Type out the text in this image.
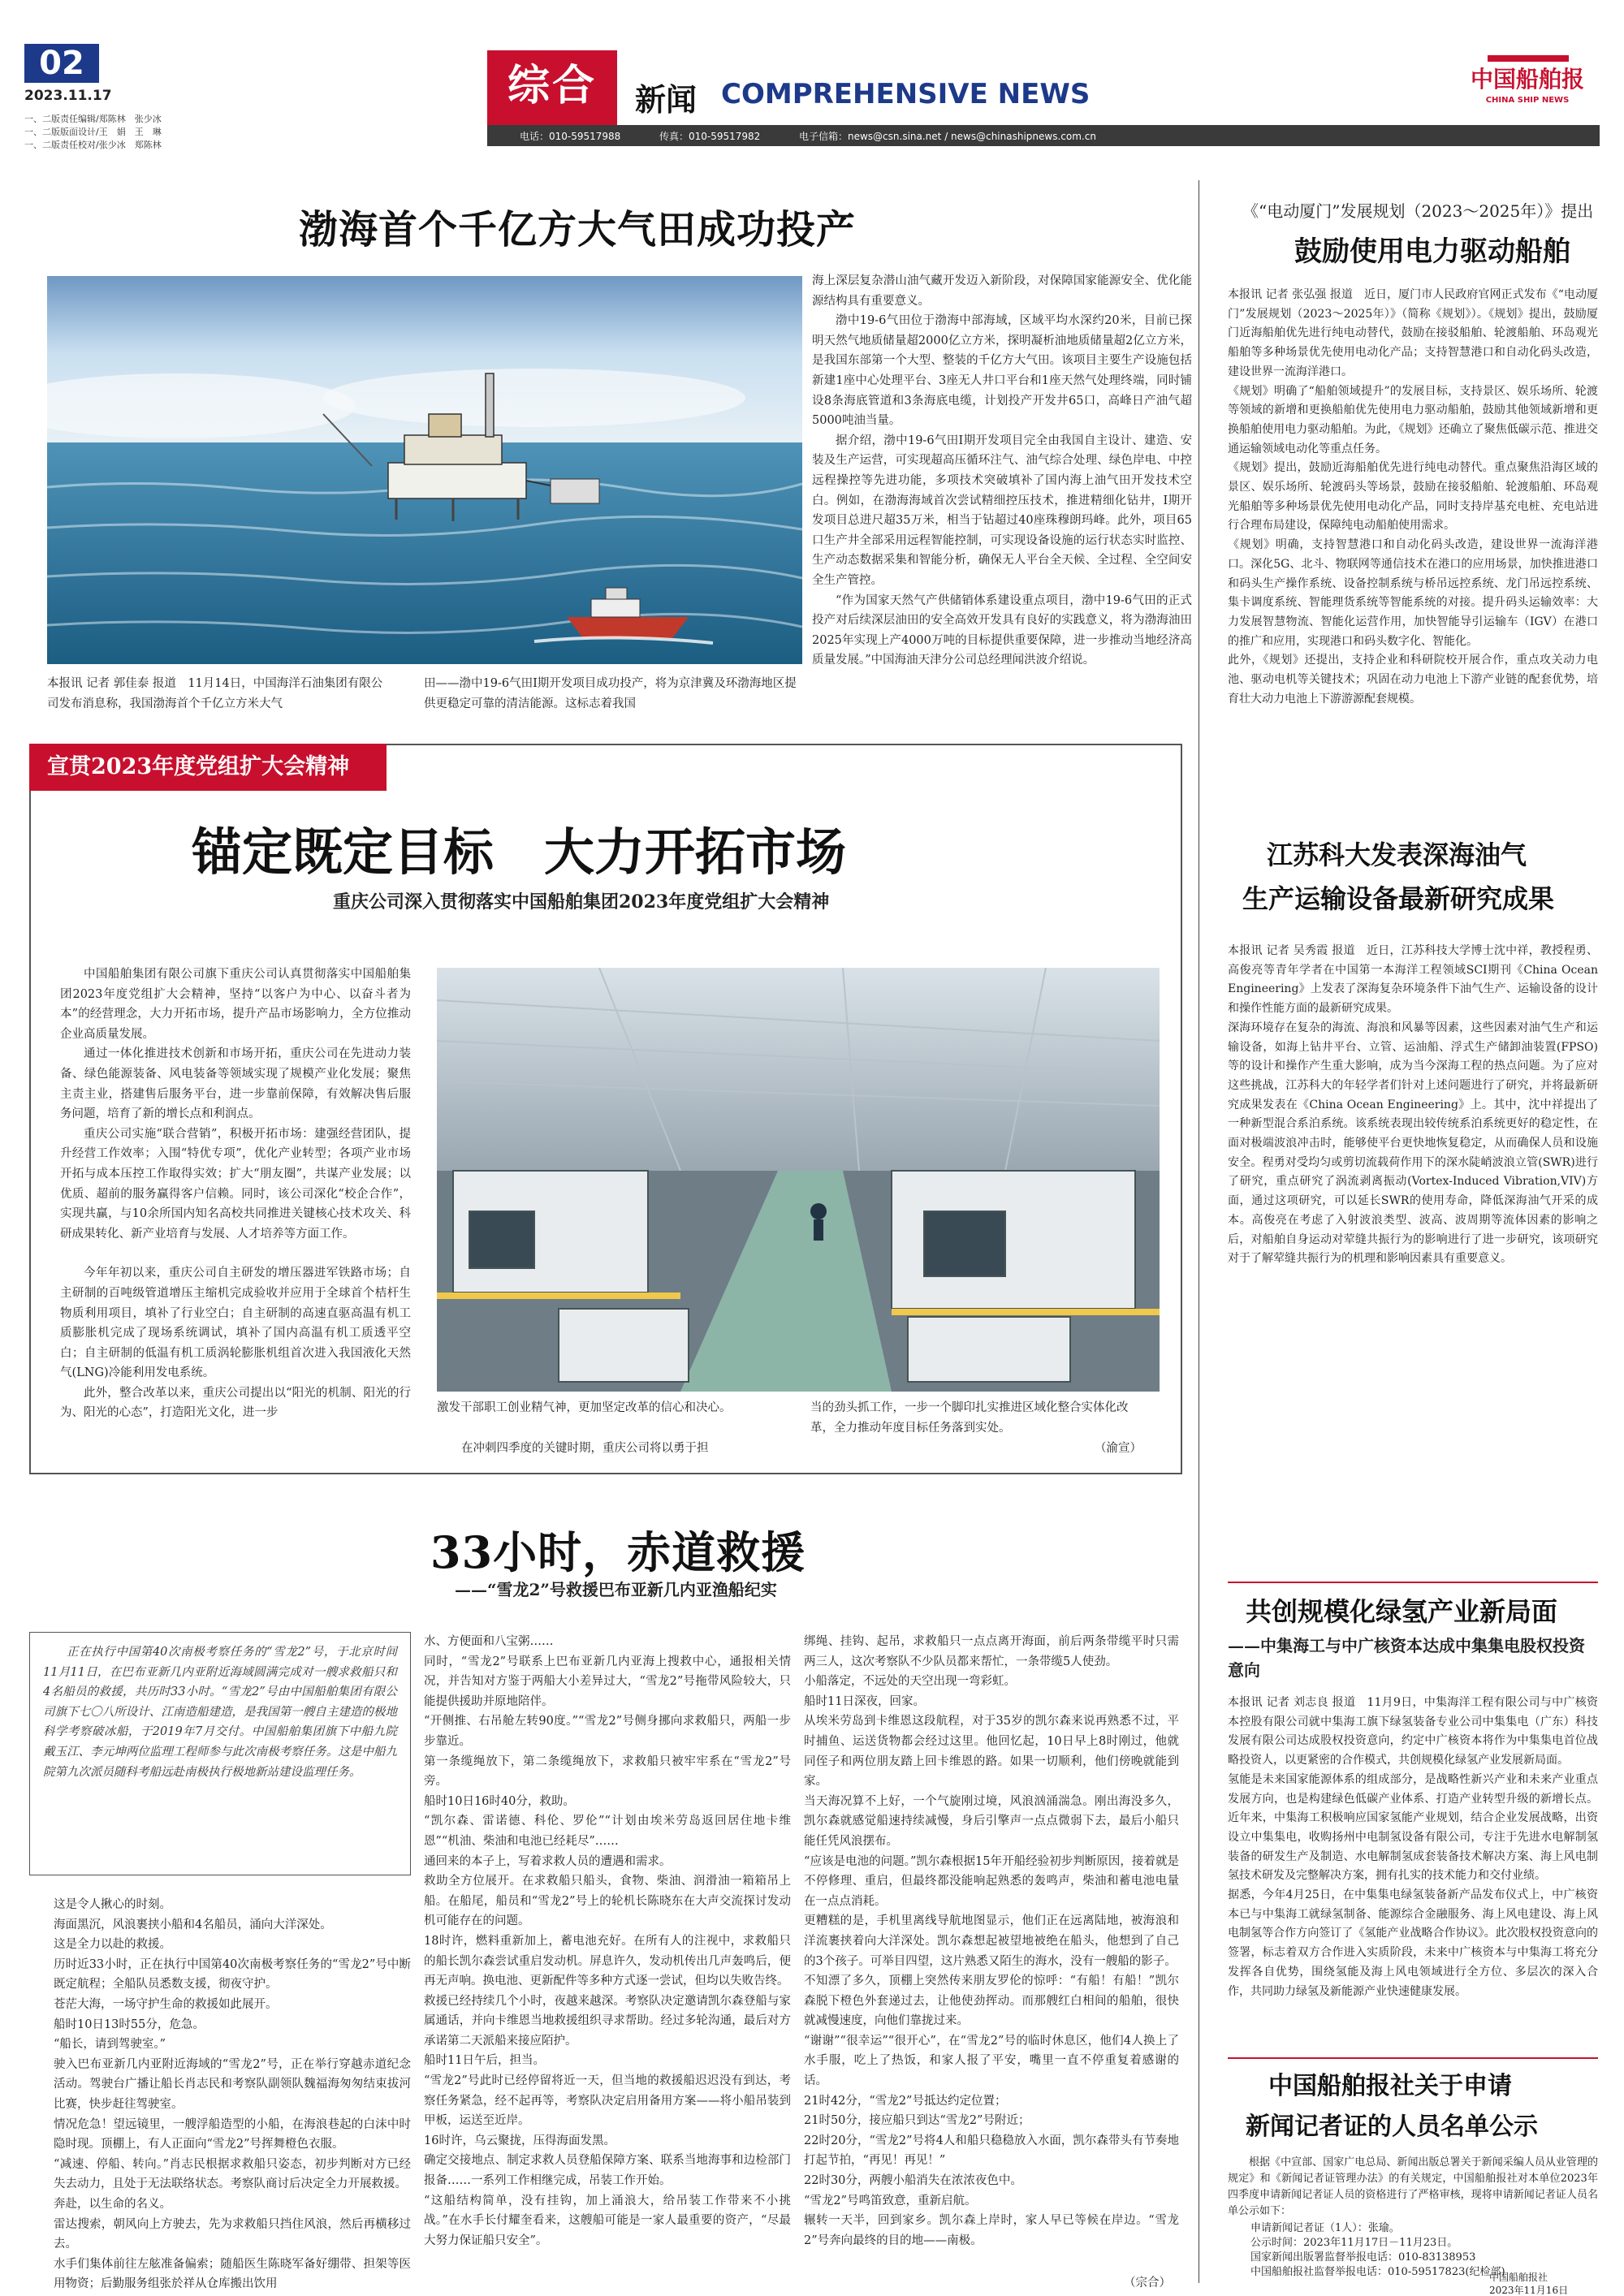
02
2023.11.17
一、二版责任编辑/郑陈林　张少冰
一、二版版面设计/王　娟　王　琳
一、二版责任校对/张少冰　郑陈林
综合	新闻 COMPREHENSIVE NEWS
电话：010-59517988	传真：010-59517982	电子信箱：news@csn.sina.net / news@chinashipnews.com.cn
中国船舶报
CHINA SHIP NEWS
渤海首个千亿方大气田成功投产
本报讯 记者 郭佳泰 报道　11月14日，中国海洋石油集团有限公司发布消息称，我国渤海首个千亿立方米大气
田——渤中19-6气田Ⅰ期开发项目成功投产，将为京津冀及环渤海地区提供更稳定可靠的清洁能源。这标志着我国

海上深层复杂潜山油气藏开发迈入新阶段，对保障国家能源安全、优化能源结构具有重要意义。

渤中19-6气田位于渤海中部海域，区域平均水深约20米，目前已探明天然气地质储量超2000亿立方米，探明凝析油地质储量超2亿立方米，是我国东部第一个大型、整装的千亿方大气田。该项目主要生产设施包括新建1座中心处理平台、3座无人井口平台和1座天然气处理终端，同时铺设8条海底管道和3条海底电缆，计划投产开发井65口，高峰日产油气超5000吨油当量。

据介绍，渤中19-6气田Ⅰ期开发项目完全由我国自主设计、建造、安装及生产运营，可实现超高压循环注气、油气综合处理、绿色岸电、中控远程操控等先进功能，多项技术突破填补了国内海上油气田开发技术空白。例如，在渤海海域首次尝试精细控压技术，推进精细化钻井，Ⅰ期开发项目总进尺超35万米，相当于钻超过40座珠穆朗玛峰。此外，项目65口生产井全部采用远程智能控制，可实现设备设施的运行状态实时监控、生产动态数据采集和智能分析，确保无人平台全天候、全过程、全空间安全生产管控。

“作为国家天然气产供储销体系建设重点项目，渤中19-6气田的正式投产对后续深层油田的安全高效开发具有良好的实践意义，将为渤海油田2025年实现上产4000万吨的目标提供重要保障，进一步推动当地经济高质量发展。”中国海油天津分公司总经理闻洪波介绍说。

宣贯2023年度党组扩大会精神
锚定既定目标　大力开拓市场
重庆公司深入贯彻落实中国船舶集团2023年度党组扩大会精神

中国船舶集团有限公司旗下重庆公司认真贯彻落实中国船舶集团2023年度党组扩大会精神，坚持“以客户为中心、以奋斗者为本”的经营理念，大力开拓市场，提升产品市场影响力，全方位推动企业高质量发展。

通过一体化推进技术创新和市场开拓，重庆公司在先进动力装备、绿色能源装备、风电装备等领域实现了规模产业化发展；聚焦主责主业，搭建售后服务平台，进一步靠前保障，有效解决售后服务问题，培育了新的增长点和利润点。

重庆公司实施“联合营销”，积极开拓市场：建强经营团队，提升经营工作效率；入围“特优专项”，优化产业转型；各项产业市场开拓与成本压控工作取得实效；扩大“朋友圈”，共谋产业发展；以优质、超前的服务赢得客户信赖。同时，该公司深化“校企合作”，实现共赢，与10余所国内知名高校共同推进关键核心技术攻关、科研成果转化、新产业培育与发展、人才培养等方面工作。

今年年初以来，重庆公司自主研发的增压器进军铁路市场；自主研制的百吨级管道增压主缩机完成验收并应用于全球首个桔杆生物质利用项目，填补了行业空白；自主研制的高速直驱高温有机工质膨胀机完成了现场系统调试，填补了国内高温有机工质透平空白；自主研制的低温有机工质涡轮膨胀机组首次进入我国液化天然气(LNG)冷能利用发电系统。

此外，整合改革以来，重庆公司提出以“阳光的机制、阳光的行为、阳光的心态”，打造阳光文化，进一步	激发干部职工创业精气神，更加坚定改革的信心和决心。
在冲刺四季度的关键时期，重庆公司将以勇于担
当的劲头抓工作，一步一个脚印扎实推进区域化整合实体化改革，全力推动年度目标任务落到实处。
（渝宣）
33小时，赤道救援
——“雪龙2”号救援巴布亚新几内亚渔船纪实
正在执行中国第40次南极考察任务的“雪龙2”号，于北京时间11月11日，在巴布亚新几内亚附近海域圆满完成对一艘求救船只和4名船员的救援，共历时33小时。“雪龙2”号由中国船舶集团有限公司旗下七〇八所设计、江南造船建造，是我国第一艘自主建造的极地科学考察破冰船，于2019年7月交付。中国船舶集团旗下中船九院戴玉江、李元坤两位监理工程师参与此次南极考察任务。这是中船九院第九次派员随科考船远赴南极执行极地新站建设监理任务。
这是令人揪心的时刻。
海面黑沉，风浪裹挟小船和4名船员，涌向大洋深处。
这是全力以赴的救援。
历时近33小时，正在执行中国第40次南极考察任务的“雪龙2”号中断既定航程；全船队员悉数支援，彻夜守护。
苍茫大海，一场守护生命的救援如此展开。
船时10日13时55分，危急。
“船长，请到驾驶室。”
驶入巴布亚新几内亚附近海域的“雪龙2”号，正在举行穿越赤道纪念活动。驾驶台广播让船长肖志民和考察队副领队魏福海匆匆结束拔河比赛，快步赶往驾驶室。
情况危急！望远镜里，一艘浮船造型的小船，在海浪巷起的白沫中时隐时现。顶棚上，有人正面向“雪龙2”号挥舞橙色衣服。
“减速、停船、转向。”肖志民根据求救船只姿态，初步判断对方已经失去动力，且处于无法联络状态。考察队商讨后决定全力开展救援。
奔赴，以生命的名义。
雷达搜索，朝风向上方驶去，先为求救船只挡住风浪，然后再横移过去。
水手们集体前往左舷准备偏索；随船医生陈晓军备好绷带、担架等医用物资；后勤服务组张於祥从仓库搬出饮用
水、方便面和八宝粥……
同时，“雪龙2”号联系上巴布亚新几内亚海上搜救中心，通报相关情况，并告知对方鉴于两船大小差异过大，“雪龙2”号拖带风险较大，只能提供援助并原地陪伴。
“开侧推、右吊舱左转90度。”“雪龙2”号侧身挪向求救船只，两船一步步靠近。
第一条缆绳放下，第二条缆绳放下，求救船只被牢牢系在“雪龙2”号旁。
船时10日16时40分，救助。
“凯尔森、雷诺德、科伦、罗伦”“计划由埃米劳岛返回居住地卡维恩”“机油、柴油和电池已经耗尽”……
通回来的本子上，写着求救人员的遭遇和需求。
救助全方位展开。在求救船只船头，食物、柴油、润滑油一箱箱吊上船。在船尾，船员和“雪龙2”号上的轮机长陈晓东在大声交流探讨发动机可能存在的问题。
18时许，燃料重新加上，蓄电池充好。在所有人的注视中，求救船只的船长凯尔森尝试重启发动机。屏息许久，发动机传出几声轰鸣后，便再无声响。换电池、更新配件等多种方式逐一尝试，但均以失败告终。
救援已经持续几个小时，夜越来越深。考察队决定邀请凯尔森登船与家属通话，并向卡维恩当地救援组织寻求帮助。经过多轮沟通，最后对方承诺第二天派船来接应陌护。
船时11日午后，担当。
“雪龙2”号此时已经停留将近一天，但当地的救援船迟迟没有到达，考察任务紧急，经不起再等，考察队决定启用备用方案——将小船吊装到甲板，运送至近岸。
16时许，乌云聚拢，压得海面发黑。
确定交接地点、制定求救人员登船保障方案、联系当地海事和边检部门报备……一系列工作相继完成，吊装工作开始。
“这船结构简单，没有挂钩，加上涌浪大，给吊装工作带来不小挑战。”在水手长付耀奎看来，这艘船可能是一家人最重要的资产，“尽最大努力保证船只安全”。
绑绳、挂钩、起吊，求救船只一点点离开海面，前后两条带缆平时只需两三人，这次考察队不少队员都来帮忙，一条带缆5人使劲。
小船落定，不远处的天空出现一弯彩虹。
船时11日深夜，回家。
从埃米劳岛到卡维恩这段航程，对于35岁的凯尔森来说再熟悉不过，平时捕鱼、运送货物都会经过这里。他回忆起，10日早上8时刚过，他就同侄子和两位朋友踏上回卡维恩的路。如果一切顺利，他们傍晚就能到家。
当天海况算不上好，一个气旋刚过境，风浪汹涌湍急。刚出海没多久，凯尔森就感觉船速持续减慢，身后引擎声一点点微弱下去，最后小船只能任凭风浪摆布。
“应该是电池的问题。”凯尔森根据15年开船经验初步判断原因，接着就是不停修理、重启，但最终都没能响起熟悉的轰鸣声，柴油和蓄电池电量在一点点消耗。
更糟糕的是，手机里离线导航地图显示，他们正在远离陆地，被海浪和洋流裹挟着向大洋深处。凯尔森想起被望地被绝在船头，他想到了自己的3个孩子。可举目四望，这片熟悉又陌生的海水，没有一艘船的影子。
不知漂了多久，顶棚上突然传来朋友罗伦的惊呼：“有船！有船！”凯尔森脱下橙色外套递过去，让他使劲挥动。而那艘红白相间的船舶，很快就减慢速度，向他们靠拢过来。
“谢谢”“很幸运”“很开心”，在“雪龙2”号的临时休息区，他们4人换上了水手服，吃上了热饭，和家人报了平安，嘴里一直不停重复着感谢的话。
21时42分，“雪龙2”号抵达约定位置；
21时50分，接应船只到达“雪龙2”号附近；
22时20分，“雪龙2”号将4人和船只稳稳放入水面，凯尔森带头有节奏地打起节拍，“再见！再见！”
22时30分，两艘小船消失在浓浓夜色中。
“雪龙2”号鸣笛致意，重新启航。
辗转一天半，回到家乡。凯尔森上岸时，家人早已等候在岸边。“雪龙2”号奔向最终的目的地——南极。
（宗合）
《“电动厦门”发展规划（2023～2025年）》提出
鼓励使用电力驱动船舶
本报讯 记者 张弘强 报道　近日，厦门市人民政府官网正式发布《“电动厦门”发展规划（2023～2025年）》（简称《规划》）。《规划》提出，鼓励厦门近海船舶优先进行纯电动替代，鼓励在接驳船舶、轮渡船舶、环岛观光船舶等多种场景优先使用电动化产品；支持智慧港口和自动化码头改造，建设世界一流海洋港口。
《规划》明确了“船舶领域提升”的发展目标，支持景区、娱乐场所、轮渡等领域的新增和更换船舶优先使用电力驱动船舶，鼓励其他领域新增和更换船舶使用电力驱动船舶。为此，《规划》还确立了聚焦低碳示范、推进交通运输领域电动化等重点任务。
《规划》提出，鼓励近海船舶优先进行纯电动替代。重点聚焦沿海区域的景区、娱乐场所、轮渡码头等场景，鼓励在接驳船舶、轮渡船舶、环岛观光船舶等多种场景优先使用电动化产品，同时支持岸基充电桩、充电站进行合理布局建设，保障纯电动船舶使用需求。
《规划》明确，支持智慧港口和自动化码头改造，建设世界一流海洋港口。深化5G、北斗、物联网等通信技术在港口的应用场景，加快推进港口和码头生产操作系统、设备控制系统与桥吊远控系统、龙门吊远控系统、集卡调度系统、智能理货系统等智能系统的对接。提升码头运输效率：大力发展智慧物流、智能化运营作用，加快智能导引运输车（IGV）在港口的推广和应用，实现港口和码头数字化、智能化。
此外，《规划》还提出，支持企业和科研院校开展合作，重点攻关动力电池、驱动电机等关键技术；巩固在动力电池上下游产业链的配套优势，培育壮大动力电池上下游游源配套规模。
江苏科大发表深海油气
生产运输设备最新研究成果
本报讯 记者 吴秀霞 报道　近日，江苏科技大学博士沈中祥，教授程勇、高俊亮等青年学者在中国第一本海洋工程领域SCI期刊《China Ocean Engineering》上发表了深海复杂环境条件下油气生产、运输设备的设计和操作性能方面的最新研究成果。
深海环境存在复杂的海流、海浪和风暴等因素，这些因素对油气生产和运输设备，如海上钻井平台、立管、运油船、浮式生产储卸油装置(FPSO)等的设计和操作产生重大影响，成为当今深海工程的热点问题。为了应对这些挑战，江苏科大的年轻学者们针对上述问题进行了研究，并将最新研究成果发表在《China Ocean Engineering》上。其中，沈中祥提出了一种新型混合系泊系统。该系统表现出较传统系泊系统更好的稳定性，在面对极端波浪冲击时，能够使平台更快地恢复稳定，从而确保人员和设施安全。程勇对受均匀或剪切流载荷作用下的深水陡峭波浪立管(SWR)进行了研究，重点研究了涡流剥离振动(Vortex-Induced Vibration,VIV)方面，通过这项研究，可以延长SWR的使用寿命，降低深海油气开采的成本。高俊亮在考虑了入射波浪类型、波高、波周期等流体因素的影响之后，对船舶自身运动对荤缝共振行为的影响进行了进一步研究，该项研究对于了解荤缝共振行为的机理和影响因素具有重要意义。
共创规模化绿氢产业新局面
——中集海工与中广核资本达成中集集电股权投资意向
本报讯 记者 刘志良 报道　11月9日，中集海洋工程有限公司与中广核资本控股有限公司就中集海工旗下绿氢装备专业公司中集集电（广东）科技发展有限公司达成股权投资意向，约定中广核资本将作为中集集电首位战略投资人，以更紧密的合作模式，共创规模化绿氢产业发展新局面。
氢能是未来国家能源体系的组成部分，是战略性新兴产业和未来产业重点发展方向，也是构建绿色低碳产业体系、打造产业转型升级的新增长点。近年来，中集海工积极响应国家氢能产业规划，结合企业发展战略，出资设立中集集电，收购扬州中电制氢设备有限公司，专注于先进水电解制氢装备的研发生产及制造、水电解制氢成套装备技术解决方案、海上风电制氢技术研发及完整解决方案，拥有扎实的技术能力和交付业绩。
据悉，今年4月25日，在中集集电绿氢装备新产品发布仪式上，中广核资本已与中集海工就绿氢制备、能源综合金融服务、海上风电建设、海上风电制氢等合作方向签订了《氢能产业战略合作协议》。此次股权投资意向的签署，标志着双方合作进入实质阶段，未来中广核资本与中集海工将充分发挥各自优势，围绕氢能及海上风电领域进行全方位、多层次的深入合作，共同助力绿氢及新能源产业快速健康发展。
中国船舶报社关于申请
新闻记者证的人员名单公示
根据《中宣部、国家广电总局、新闻出版总署关于新闻采编人员从业管理的规定》和《新闻记者证管理办法》的有关规定，中国船舶报社对本单位2023年四季度申请新闻记者证人员的资格进行了严格审核，现将申请新闻记者证人员名单公示如下：
申请新闻记者证（1人）：张瑜。
公示时间：2023年11月17日－11月23日。
国家新闻出版署监督举报电话：010-83138953
中国船舶报社监督举报电话：010-59517823(纪检部)
中国船舶报社
2023年11月16日
